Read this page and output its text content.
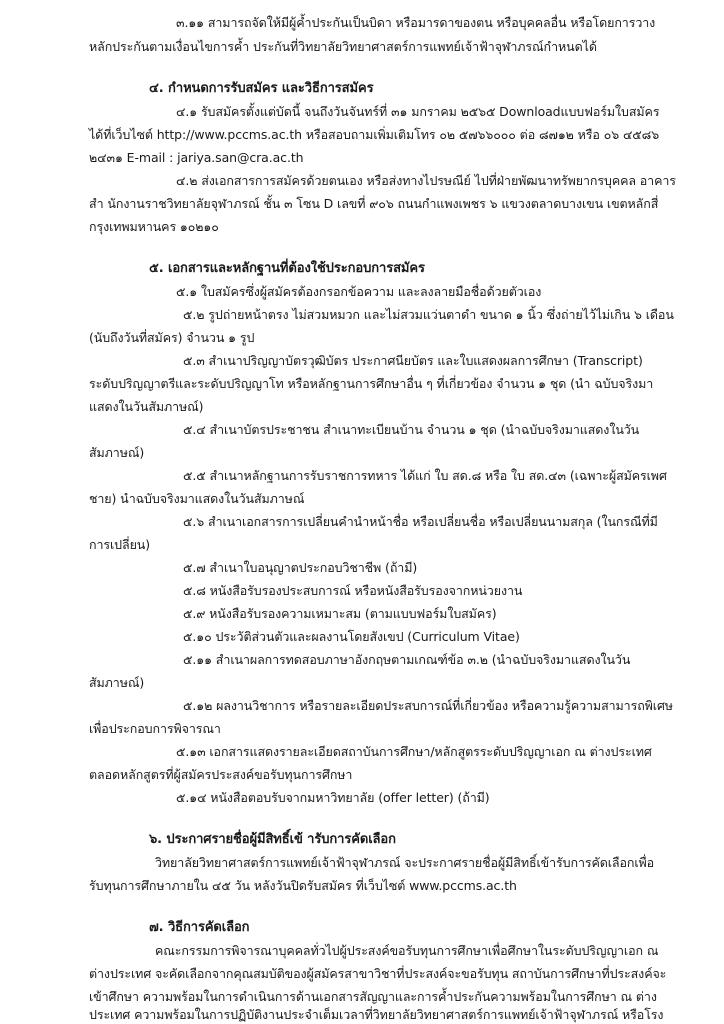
๓.๑๑ สามารถจัดให้มีผู้ค้ำประกันเป็นบิดา หรือมารดาของตน หรือบุคคลอื่น หรือโดยการวาง
หลักประกันตามเงื่อนไขการค้ำ ประกันที่วิทยาลัยวิทยาศาสตร์การแพทย์เจ้าฟ้าจุฬาภรณ์กำหนดได้
๔. กำหนดการรับสมัคร และวิธีการสมัคร
๔.๑ รับสมัครตั้งแต่บัดนี้ จนถึงวันจันทร์ที่ ๓๑ มกราคม ๒๕๖๕ Downloadแบบฟอร์มใบสมัคร
ได้ที่เว็บไซต์ http://www.pccms.ac.th หรือสอบถามเพิ่มเติมโทร ๐๒ ๕๗๖๖๐๐๐ ต่อ ๘๗๑๒ หรือ ๐๖ ๔๕๘๖
๒๔๓๑ E-mail : jariya.san@cra.ac.th
๔.๒ ส่งเอกสารการสมัครด้วยตนเอง หรือส่งทางไปรษณีย์ ไปที่ฝ่ายพัฒนาทรัพยากรบุคคล อาคาร
สำ นักงานราชวิทยาลัยจุฬาภรณ์ ชั้น ๓ โซน D เลขที่ ๙๐๖ ถนนกำแพงเพชร ๖ แขวงตลาดบางเขน เขตหลักสี่
กรุงเทพมหานคร ๑๐๒๑๐
๕. เอกสารและหลักฐานที่ต้องใช้ประกอบการสมัคร
๕.๑ ใบสมัครซึ่งผู้สมัครต้องกรอกข้อความ และลงลายมือชื่อด้วยตัวเอง
๕.๒ รูปถ่ายหน้าตรง ไม่สวมหมวก และไม่สวมแว่นตาดำ ขนาด ๑ นิ้ว ซึ่งถ่ายไว้ไม่เกิน ๖ เดือน
(นับถึงวันที่สมัคร) จำนวน ๑ รูป
๕.๓ สำเนาปริญญาบัตรวุฒิบัตร ประกาศนียบัตร และใบแสดงผลการศึกษา (Transcript)
ระดับปริญญาตรีและระดับปริญญาโท หรือหลักฐานการศึกษาอื่น ๆ ที่เกี่ยวข้อง จำนวน ๑ ชุด (นำ ฉบับจริงมา
แสดงในวันสัมภาษณ์)
๕.๔ สำเนาบัตรประชาชน สำเนาทะเบียนบ้าน จำนวน ๑ ชุด (นำฉบับจริงมาแสดงในวัน
สัมภาษณ์)
๕.๕ สำเนาหลักฐานการรับราชการทหาร ได้แก่ ใบ สด.๘ หรือ ใบ สด.๔๓ (เฉพาะผู้สมัครเพศ
ชาย) นำฉบับจริงมาแสดงในวันสัมภาษณ์
๕.๖ สำเนาเอกสารการเปลี่ยนคำนำหน้าชื่อ หรือเปลี่ยนชื่อ หรือเปลี่ยนนามสกุล (ในกรณีที่มี
การเปลี่ยน)
๕.๗ สำเนาใบอนุญาตประกอบวิชาชีพ (ถ้ามี)
๕.๘ หนังสือรับรองประสบการณ์ หรือหนังสือรับรองจากหน่วยงาน
๕.๙ หนังสือรับรองความเหมาะสม (ตามแบบฟอร์มใบสมัคร)
๕.๑๐ ประวัติส่วนตัวและผลงานโดยสังเขป (Curriculum Vitae)
๕.๑๑ สำเนาผลการทดสอบภาษาอังกฤษตามเกณฑ์ข้อ ๓.๒ (นำฉบับจริงมาแสดงในวัน
สัมภาษณ์)
๕.๑๒ ผลงานวิชาการ หรือรายละเอียดประสบการณ์ที่เกี่ยวข้อง หรือความรู้ความสามารถพิเศษ
เพื่อประกอบการพิจารณา
๕.๑๓ เอกสารแสดงรายละเอียดสถาบันการศึกษา/หลักสูตรระดับปริญญาเอก ณ ต่างประเทศ
ตลอดหลักสูตรที่ผู้สมัครประสงค์ขอรับทุนการศึกษา
๕.๑๔ หนังสือตอบรับจากมหาวิทยาลัย (offer letter) (ถ้ามี)
๖. ประกาศรายชื่อผู้มีสิทธิ์เข้ ารับการคัดเลือก
วิทยาลัยวิทยาศาสตร์การแพทย์เจ้าฟ้าจุฬาภรณ์ จะประกาศรายชื่อผู้มีสิทธิ์เข้ารับการคัดเลือกเพื่อ
รับทุนการศึกษาภายใน ๔๕ วัน หลังวันปิดรับสมัคร ที่เว็บไซต์ www.pccms.ac.th
๗. วิธีการคัดเลือก
คณะกรรมการพิจารณาบุคคลทั่วไปผู้ประสงค์ขอรับทุนการศึกษาเพื่อศึกษาในระดับปริญญาเอก ณ
ต่างประเทศ จะคัดเลือกจากคุณสมบัติของผู้สมัครสาขาวิชาที่ประสงค์จะขอรับทุน สถาบันการศึกษาที่ประสงค์จะ
เข้าศึกษา ความพร้อมในการดำเนินการด้านเอกสารสัญญาและการค้ำประกันความพร้อมในการศึกษา ณ ต่าง
ประเทศ ความพร้อมในการปฏิบัติงานประจำเต็มเวลาที่วิทยาลัยวิทยาศาสตร์การแพทย์เจ้าฟ้าจุฬาภรณ์ หรือโรง
